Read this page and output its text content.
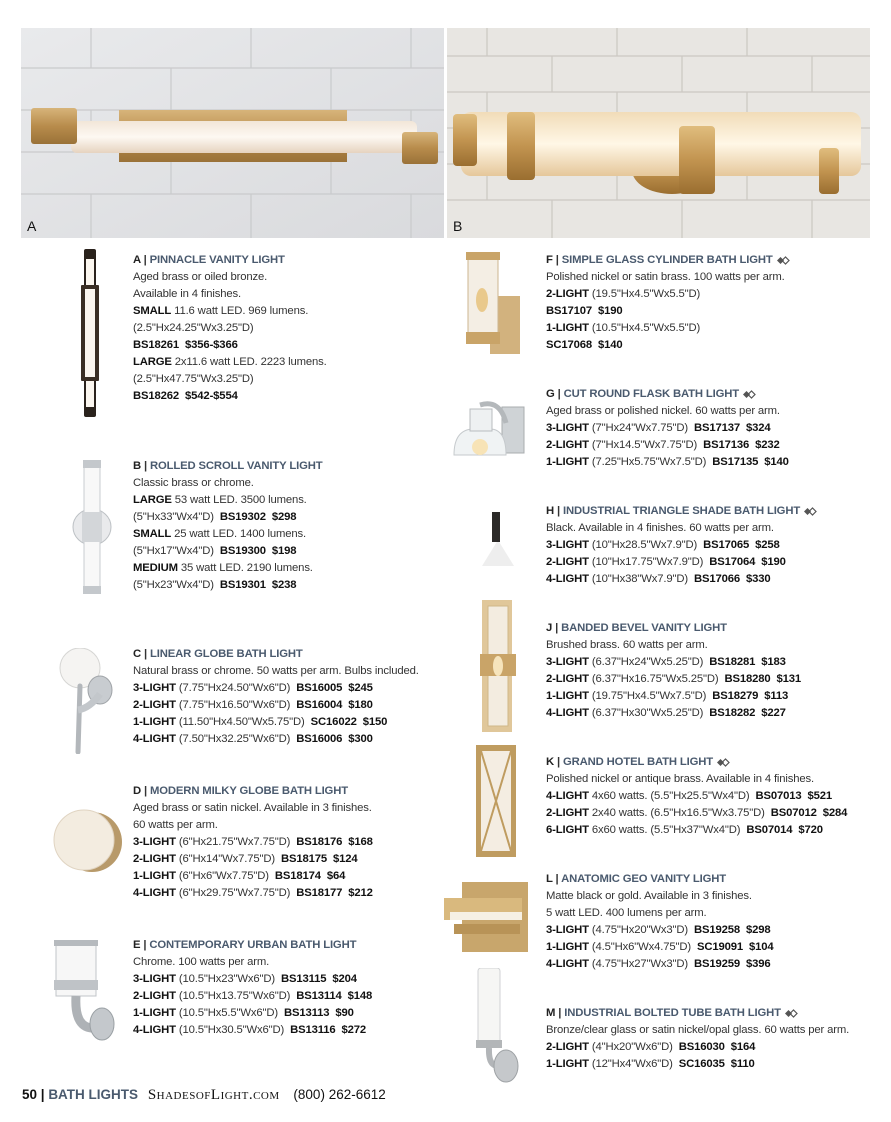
A	B
A | PINNACLE VANITY LIGHT
Aged brass or oiled bronze.
Available in 4 finishes.
SMALL 11.6 watt LED. 969 lumens.
(2.5"Hx24.25"Wx3.25"D)
BS18261  $356-$366
LARGE 2x11.6 watt LED. 2223 lumens.
(2.5"Hx47.75"Wx3.25"D)
BS18262  $542-$554
B | ROLLED SCROLL VANITY LIGHT
Classic brass or chrome.
LARGE 53 watt LED. 3500 lumens.
(5"Hx33"Wx4"D)  BS19302  $298
SMALL 25 watt LED. 1400 lumens.
(5"Hx17"Wx4"D)  BS19300  $198
MEDIUM 35 watt LED. 2190 lumens.
(5"Hx23"Wx4"D)  BS19301  $238
C | LINEAR GLOBE BATH LIGHT
Natural brass or chrome. 50 watts per arm. Bulbs included.
3-LIGHT (7.75"Hx24.50"Wx6"D)  BS16005  $245
2-LIGHT (7.75"Hx16.50"Wx6"D)  BS16004  $180
1-LIGHT (11.50"Hx4.50"Wx5.75"D)  SC16022  $150
4-LIGHT (7.50"Hx32.25"Wx6"D)  BS16006  $300
D | MODERN MILKY GLOBE BATH LIGHT
Aged brass or satin nickel. Available in 3 finishes.
60 watts per arm.
3-LIGHT (6"Hx21.75"Wx7.75"D)  BS18176  $168
2-LIGHT (6"Hx14"Wx7.75"D)  BS18175  $124
1-LIGHT (6"Hx6"Wx7.75"D)  BS18174  $64
4-LIGHT (6"Hx29.75"Wx7.75"D)  BS18177  $212
E | CONTEMPORARY URBAN BATH LIGHT
Chrome. 100 watts per arm.
3-LIGHT (10.5"Hx23"Wx6"D)  BS13115  $204
2-LIGHT (10.5"Hx13.75"Wx6"D)  BS13114  $148
1-LIGHT (10.5"Hx5.5"Wx6"D)  BS13113  $90
4-LIGHT (10.5"Hx30.5"Wx6"D)  BS13116  $272
F | SIMPLE GLASS CYLINDER BATH LIGHT
Polished nickel or satin brass. 100 watts per arm.
2-LIGHT (19.5"Hx4.5"Wx5.5"D)
BS17107  $190
1-LIGHT (10.5"Hx4.5"Wx5.5"D)
SC17068  $140
G | CUT ROUND FLASK BATH LIGHT
Aged brass or polished nickel. 60 watts per arm.
3-LIGHT (7"Hx24"Wx7.75"D)  BS17137  $324
2-LIGHT (7"Hx14.5"Wx7.75"D)  BS17136  $232
1-LIGHT (7.25"Hx5.75"Wx7.5"D)  BS17135  $140
H | INDUSTRIAL TRIANGLE SHADE BATH LIGHT
Black. Available in 4 finishes. 60 watts per arm.
3-LIGHT (10"Hx28.5"Wx7.9"D)  BS17065  $258
2-LIGHT (10"Hx17.75"Wx7.9"D)  BS17064  $190
4-LIGHT (10"Hx38"Wx7.9"D)  BS17066  $330
J | BANDED BEVEL VANITY LIGHT
Brushed brass. 60 watts per arm.
3-LIGHT (6.37"Hx24"Wx5.25"D)  BS18281  $183
2-LIGHT (6.37"Hx16.75"Wx5.25"D)  BS18280  $131
1-LIGHT (19.75"Hx4.5"Wx7.5"D)  BS18279  $113
4-LIGHT (6.37"Hx30"Wx5.25"D)  BS18282  $227
K | GRAND HOTEL BATH LIGHT
Polished nickel or antique brass. Available in 4 finishes.
4-LIGHT 4x60 watts. (5.5"Hx25.5"Wx4"D)  BS07013  $521
2-LIGHT 2x40 watts. (6.5"Hx16.5"Wx3.75"D)  BS07012  $284
6-LIGHT 6x60 watts. (5.5"Hx37"Wx4"D)  BS07014  $720
L | ANATOMIC GEO VANITY LIGHT
Matte black or gold. Available in 3 finishes.
5 watt LED. 400 lumens per arm.
3-LIGHT (4.75"Hx20"Wx3"D)  BS19258  $298
1-LIGHT (4.5"Hx6"Wx4.75"D)  SC19091  $104
4-LIGHT (4.75"Hx27"Wx3"D)  BS19259  $396
M | INDUSTRIAL BOLTED TUBE BATH LIGHT
Bronze/clear glass or satin nickel/opal glass. 60 watts per arm.
2-LIGHT (4"Hx20"Wx6"D)  BS16030  $164
1-LIGHT (12"Hx4"Wx6"D)  SC16035  $110
50 | BATH LIGHTS ShadesofLight.com (800) 262-6612
